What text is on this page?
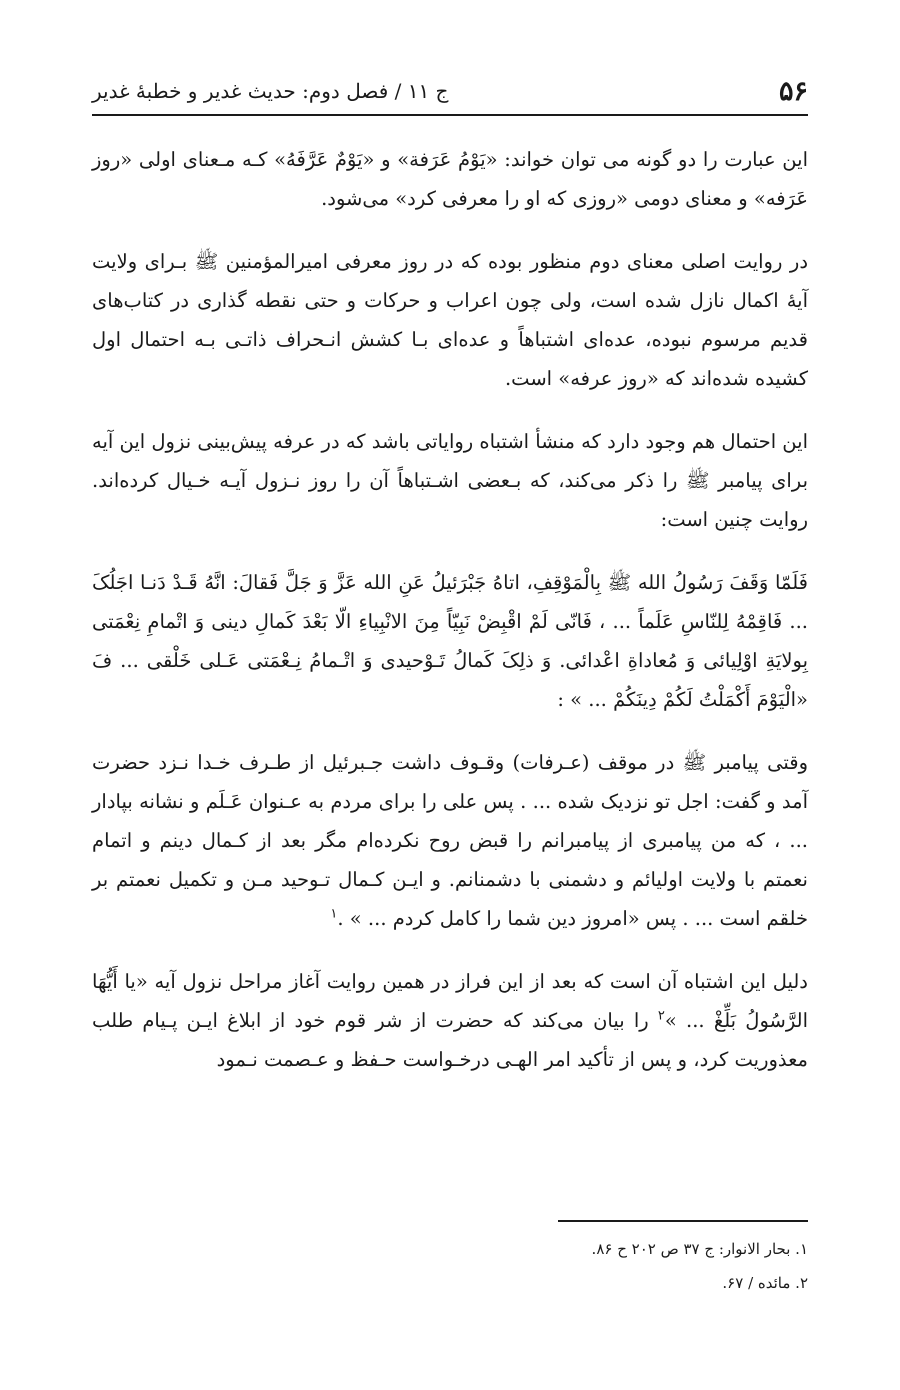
۵۶
ج ۱۱ / فصل دوم: حدیث غدیر و خطبهٔ غدیر

این عبارت را دو گونه می توان خواند: «یَوْمُ عَرَفة» و «یَوْمٌ عَرَّفَهُ» کـه مـعنای اولی «روز عَرَفه» و معنای دومی «روزی که او را معرفی کرد» می‌شود.

در روایت اصلی معنای دوم منظور بوده که در روز معرفی امیرالمؤمنین ﷺ بـرای ولایت آیهٔ اکمال نازل شده است، ولی چون اعراب و حرکات و حتی نقطه گذاری در کتاب‌های قدیم مرسوم نبوده، عده‌ای اشتباهاً و عده‌ای بـا کشش انـحراف ذاتـی بـه احتمال اول کشیده شده‌اند که «روز عرفه» است.

این احتمال هم وجود دارد که منشأ اشتباه روایاتی باشد که در عرفه پیش‌بینی نزول این آیه برای پیامبر ﷺ را ذکر می‌کند، که بـعضی اشـتباهاً آن را روز نـزول آیـه خـیال کرده‌اند. روایت چنین است:

فَلَمّا وَقَفَ رَسُولُ الله ﷺ بِالْمَوْقِفِ، اتاهُ جَبْرَئیلُ عَنِ الله عَزَّ وَ جَلَّ فَقالَ: انَّهُ قَـدْ دَنـا اجَلُکَ ... فَاقِمْهُ لِلنّاسِ عَلَماً ... ، فَانّی لَمْ اقْبِضْ نَبِیّاً مِنَ الانْبِیاءِ الّا بَعْدَ کَمالِ دینی وَ اتْمامِ نِعْمَتی بِولایَةِ اوْلِیائی وَ مُعاداةِ اعْدائی. وَ ذلِکَ کَمالُ تَـوْحیدی وَ اتْـمامُ نِـعْمَتی عَـلی خَلْقی ... فَ «الْیَوْمَ أَکْمَلْتُ لَکُمْ دِینَکُمْ ... » :

وقتی پیامبر ﷺ در موقف (عـرفات) وقـوف داشت جـبرئیل از طـرف خـدا نـزد حضرت آمد و گفت: اجل تو نزدیک شده ... . پس علی را برای مردم به عـنوان عَـلَم و نشانه بپادار ... ، که من پیامبری از پیامبرانم را قبض روح نکرده‌ام مگر بعد از کـمال دینم و اتمام نعمتم با ولایت اولیائم و دشمنی با دشمنانم. و ایـن کـمال تـوحید مـن و تکمیل نعمتم بر خلقم است ... . پس «امروز دین شما را کامل کردم ... » .$^۱$

دلیل این اشتباه آن است که بعد از این فراز در همین روایت آغاز مراحل نزول آیه «یا أَیُّهَا الرَّسُولُ بَلِّغْ ... »$^۲$ را بیان می‌کند که حضرت از شر قوم خود از ابلاغ ایـن پـیام طلب معذوریت کرد، و پس از تأکید امر الهـی درخـواست حـفظ و عـصمت نـمود

۱. بحار الانوار: ج ۳۷ ص ۲۰۲ ح ۸۶.
۲. مائده / ۶۷.
